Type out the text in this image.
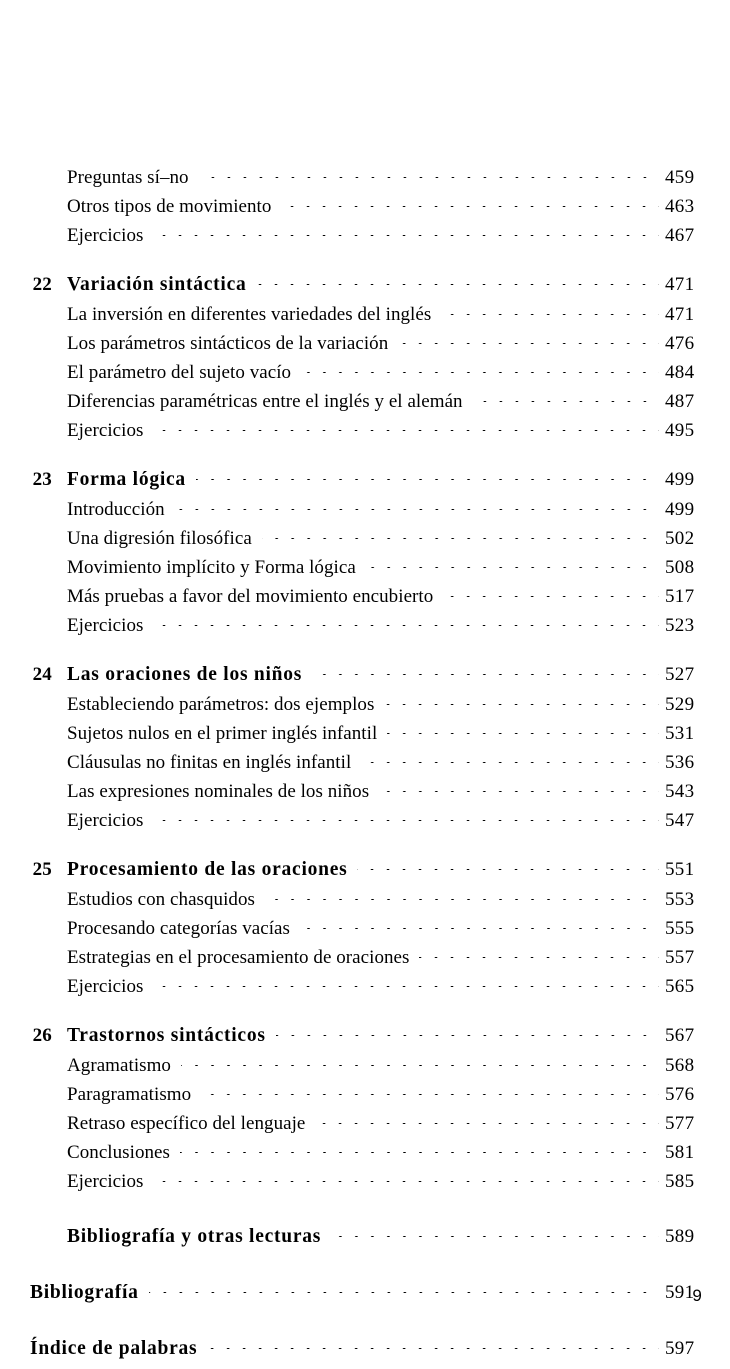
Preguntas sí–no	459
Otros tipos de movimiento	463
Ejercicios	467
22 Variación sintáctica	471
La inversión en diferentes variedades del inglés	471
Los parámetros sintácticos de la variación	476
El parámetro del sujeto vacío	484
Diferencias paramétricas entre el inglés y el alemán	487
Ejercicios	495
23 Forma lógica	499
Introducción	499
Una digresión filosófica	502
Movimiento implícito y Forma lógica	508
Más pruebas a favor del movimiento encubierto	517
Ejercicios	523
24 Las oraciones de los niños	527
Estableciendo parámetros: dos ejemplos	529
Sujetos nulos en el primer inglés infantil	531
Cláusulas no finitas en inglés infantil	536
Las expresiones nominales de los niños	543
Ejercicios	547
25 Procesamiento de las oraciones	551
Estudios con chasquidos	553
Procesando categorías vacías	555
Estrategias en el procesamiento de oraciones	557
Ejercicios	565
26 Trastornos sintácticos	567
Agramatismo	568
Paragramatismo	576
Retraso específico del lenguaje	577
Conclusiones	581
Ejercicios	585
Bibliografía y otras lecturas	589
Bibliografía	591
Índice de palabras	597
9
